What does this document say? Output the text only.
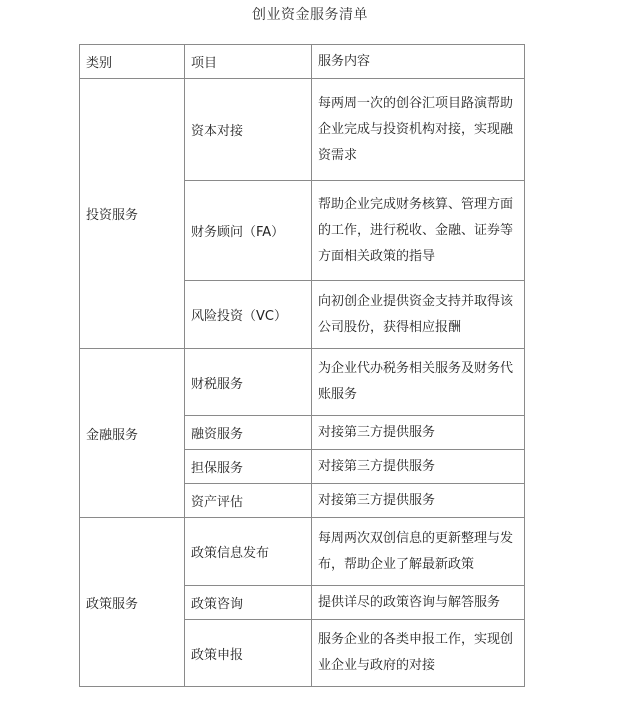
创业资金服务清单
类别	项目	服务内容
投资服务	资本对接	每两周一次的创谷汇项目路演帮助企业完成与投资机构对接，实现融资需求
	财务顾问（FA）	帮助企业完成财务核算、管理方面的工作，进行税收、金融、证券等方面相关政策的指导
	风险投资（VC）	向初创企业提供资金支持并取得该公司股份，获得相应报酬
金融服务	财税服务	为企业代办税务相关服务及财务代账服务
	融资服务	对接第三方提供服务
	担保服务	对接第三方提供服务
	资产评估	对接第三方提供服务
政策服务	政策信息发布	每周两次双创信息的更新整理与发布，帮助企业了解最新政策
	政策咨询	提供详尽的政策咨询与解答服务
	政策申报	服务企业的各类申报工作，实现创业企业与政府的对接
